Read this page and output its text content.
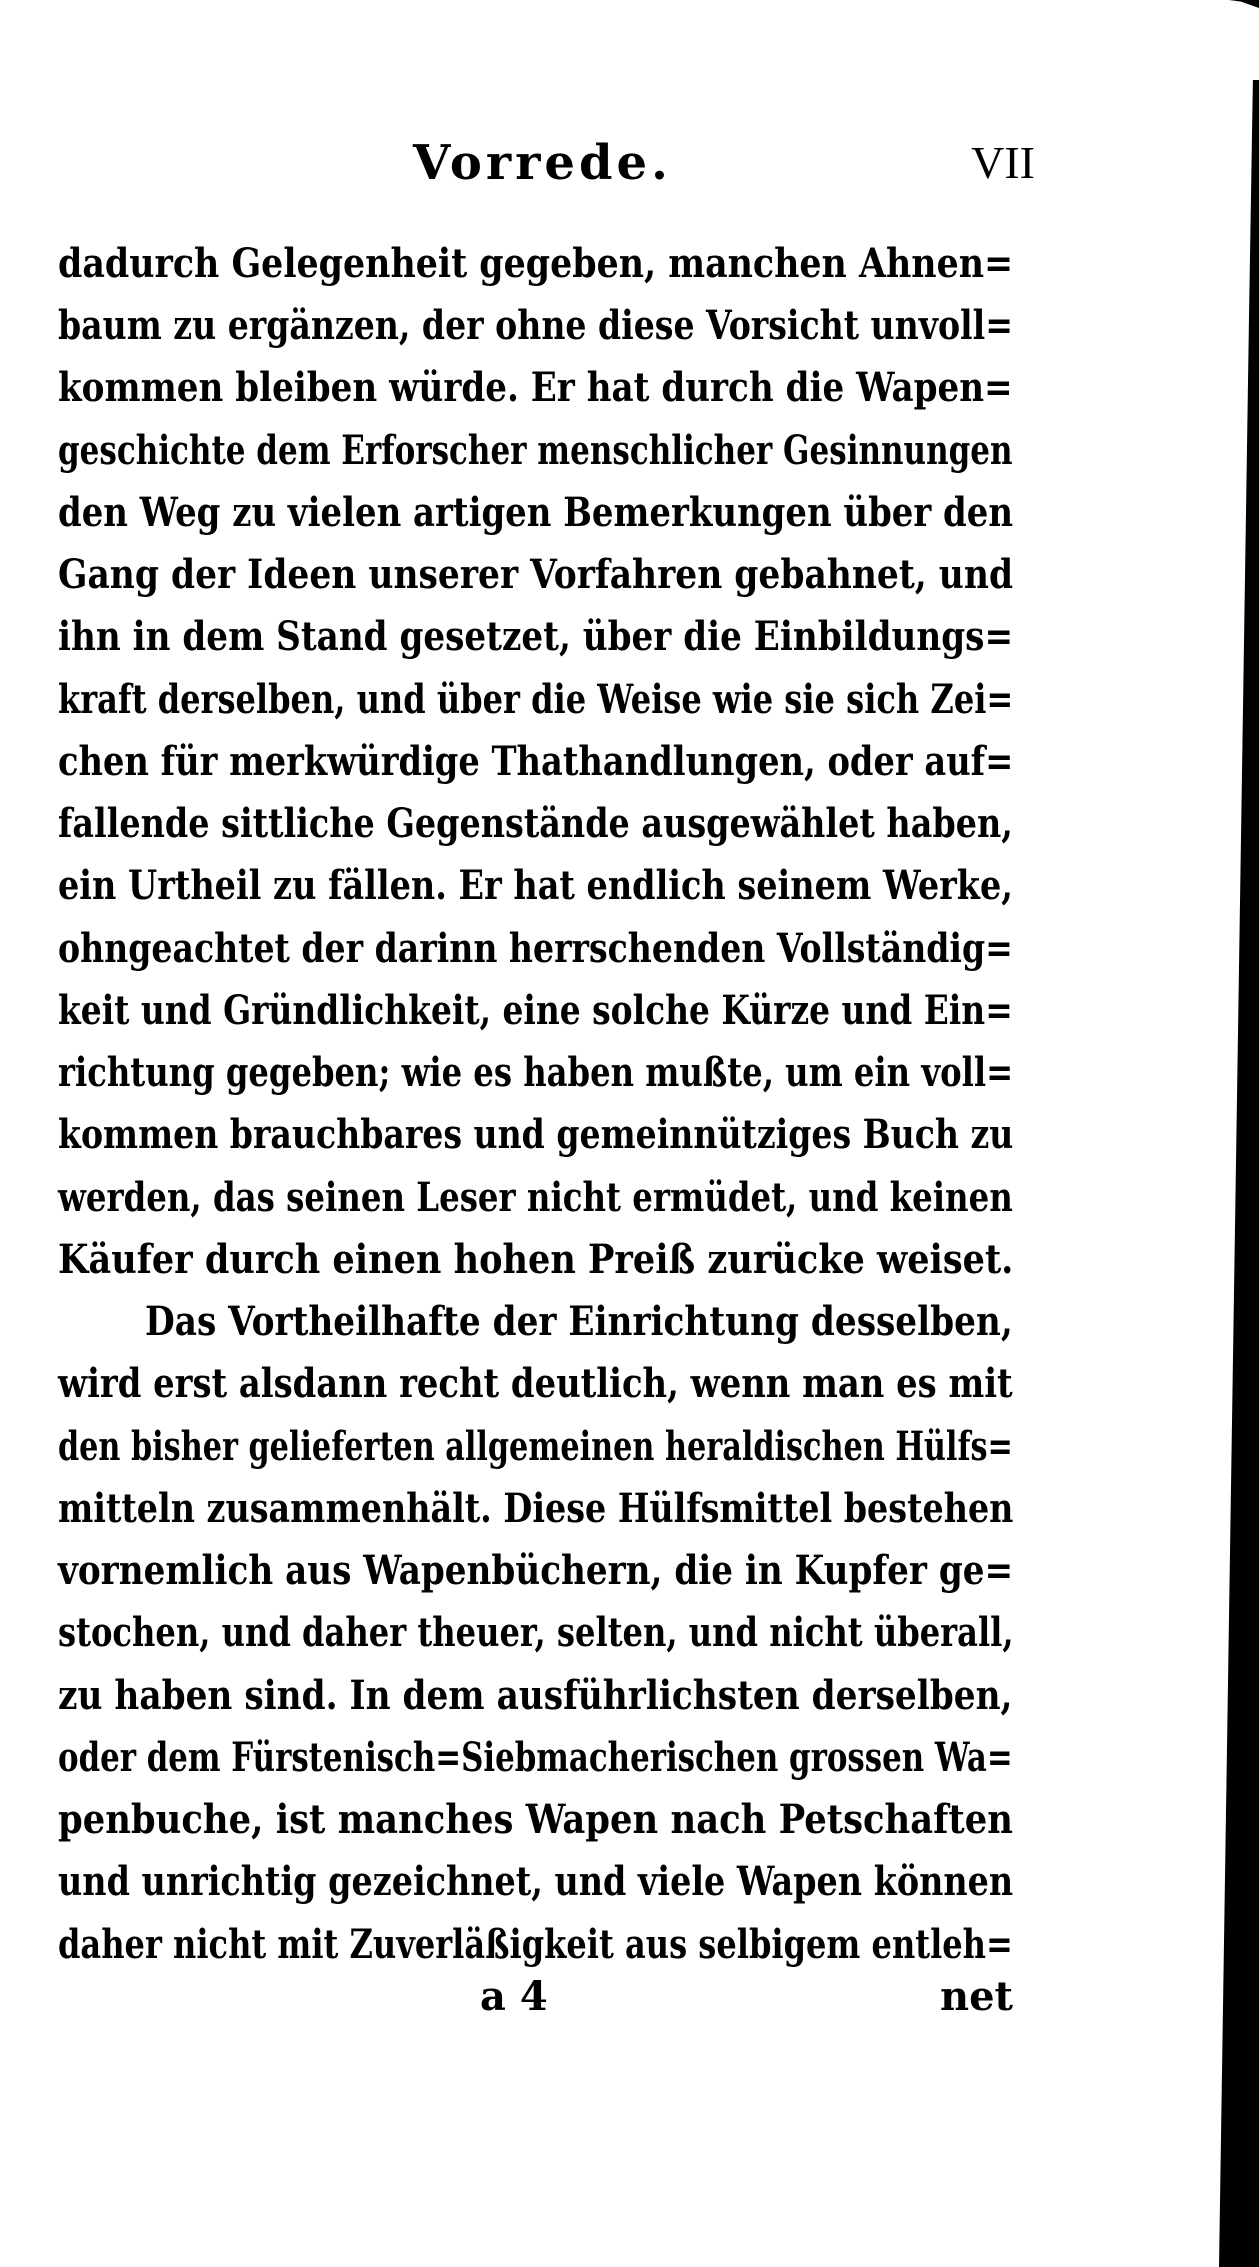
Vorrede.	VII
dadurch Gelegenheit gegeben, manchen Ahnen=
baum zu ergänzen, der ohne diese Vorsicht unvoll=
kommen bleiben würde. Er hat durch die Wapen=
geschichte dem Erforscher menschlicher Gesinnungen
den Weg zu vielen artigen Bemerkungen über den
Gang der Ideen unserer Vorfahren gebahnet, und
ihn in dem Stand gesetzet, über die Einbildungs=
kraft derselben, und über die Weise wie sie sich Zei=
chen für merkwürdige Thathandlungen, oder auf=
fallende sittliche Gegenstände ausgewählet haben,
ein Urtheil zu fällen. Er hat endlich seinem Werke,
ohngeachtet der darinn herrschenden Vollständig=
keit und Gründlichkeit, eine solche Kürze und Ein=
richtung gegeben; wie es haben mußte, um ein voll=
kommen brauchbares und gemeinnütziges Buch zu
werden, das seinen Leser nicht ermüdet, und keinen
Käufer durch einen hohen Preiß zurücke weiset.
Das Vortheilhafte der Einrichtung desselben,
wird erst alsdann recht deutlich, wenn man es mit
den bisher gelieferten allgemeinen heraldischen Hülfs=
mitteln zusammenhält. Diese Hülfsmittel bestehen
vornemlich aus Wapenbüchern, die in Kupfer ge=
stochen, und daher theuer, selten, und nicht überall,
zu haben sind. In dem ausführlichsten derselben,
oder dem Fürstenisch=Siebmacherischen grossen Wa=
penbuche, ist manches Wapen nach Petschaften
und unrichtig gezeichnet, und viele Wapen können
daher nicht mit Zuverläßigkeit aus selbigem entleh=
a 4	net
